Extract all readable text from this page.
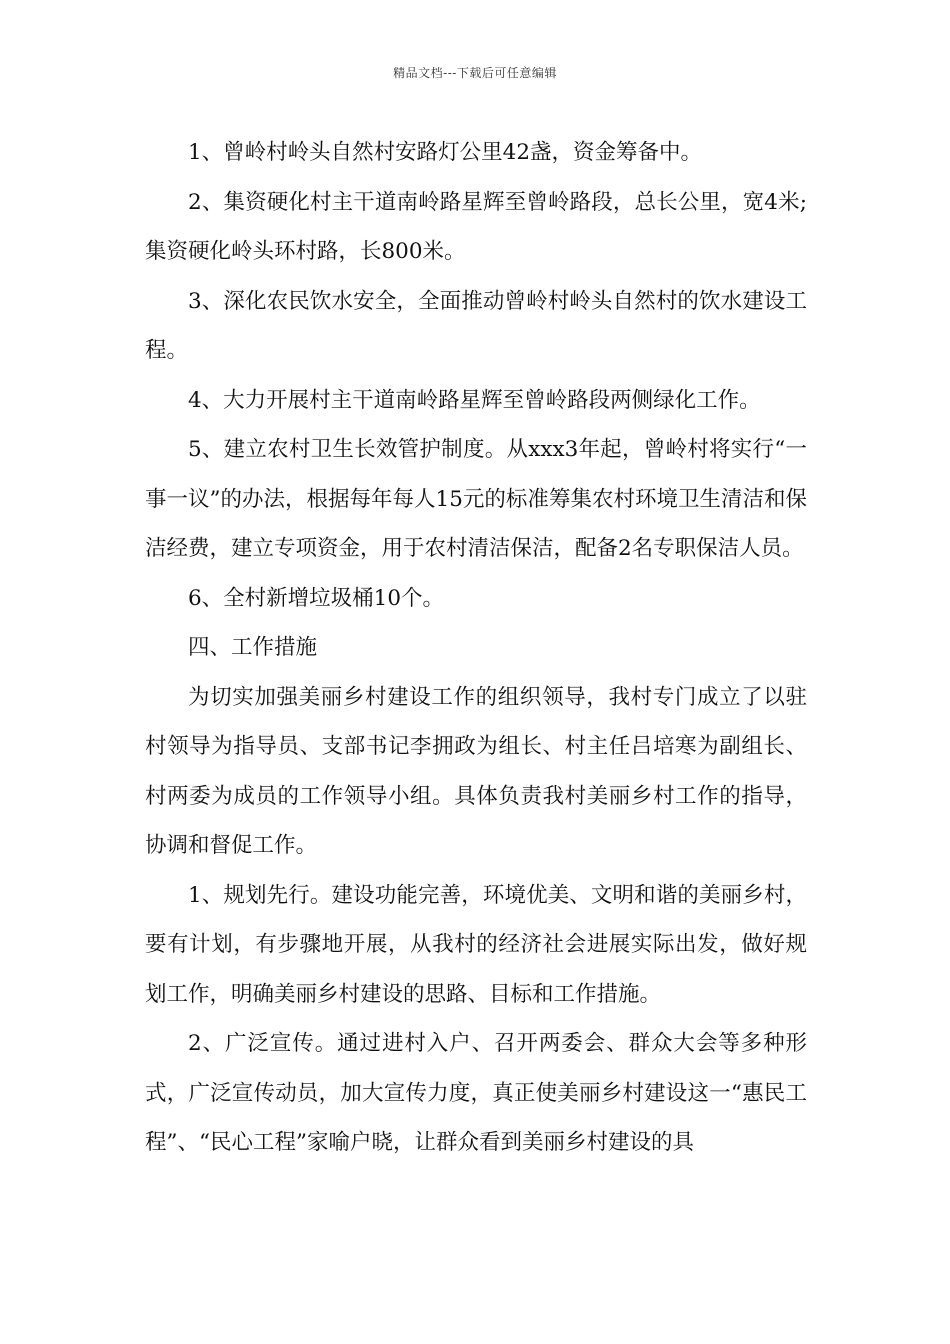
精品文档---下载后可任意编辑

1、曾岭村岭头自然村安路灯公里42盏，资金筹备中。

2、集资硬化村主干道南岭路星辉至曾岭路段，总长公里，宽4米;集资硬化岭头环村路，长800米。

3、深化农民饮水安全，全面推动曾岭村岭头自然村的饮水建设工程。

4、大力开展村主干道南岭路星辉至曾岭路段两侧绿化工作。

5、建立农村卫生长效管护制度。从xxx3年起，曾岭村将实行“一事一议”的办法，根据每年每人15元的标准筹集农村环境卫生清洁和保洁经费，建立专项资金，用于农村清洁保洁，配备2名专职保洁人员。

6、全村新增垃圾桶10个。

四、工作措施

为切实加强美丽乡村建设工作的组织领导，我村专门成立了以驻村领导为指导员、支部书记李拥政为组长、村主任吕培寒为副组长、村两委为成员的工作领导小组。具体负责我村美丽乡村工作的指导，协调和督促工作。

1、规划先行。建设功能完善，环境优美、文明和谐的美丽乡村，要有计划，有步骤地开展，从我村的经济社会进展实际出发，做好规划工作，明确美丽乡村建设的思路、目标和工作措施。

2、广泛宣传。通过进村入户、召开两委会、群众大会等多种形式，广泛宣传动员，加大宣传力度，真正使美丽乡村建设这一“惠民工程”、“民心工程”家喻户晓，让群众看到美丽乡村建设的具
